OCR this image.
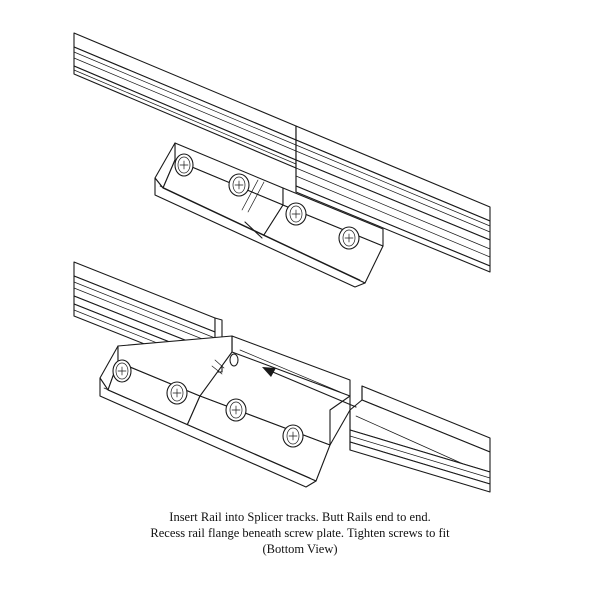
Insert Rail into Splicer tracks. Butt Rails end to end.
Recess rail flange beneath screw plate. Tighten screws to fit
(Bottom View)
